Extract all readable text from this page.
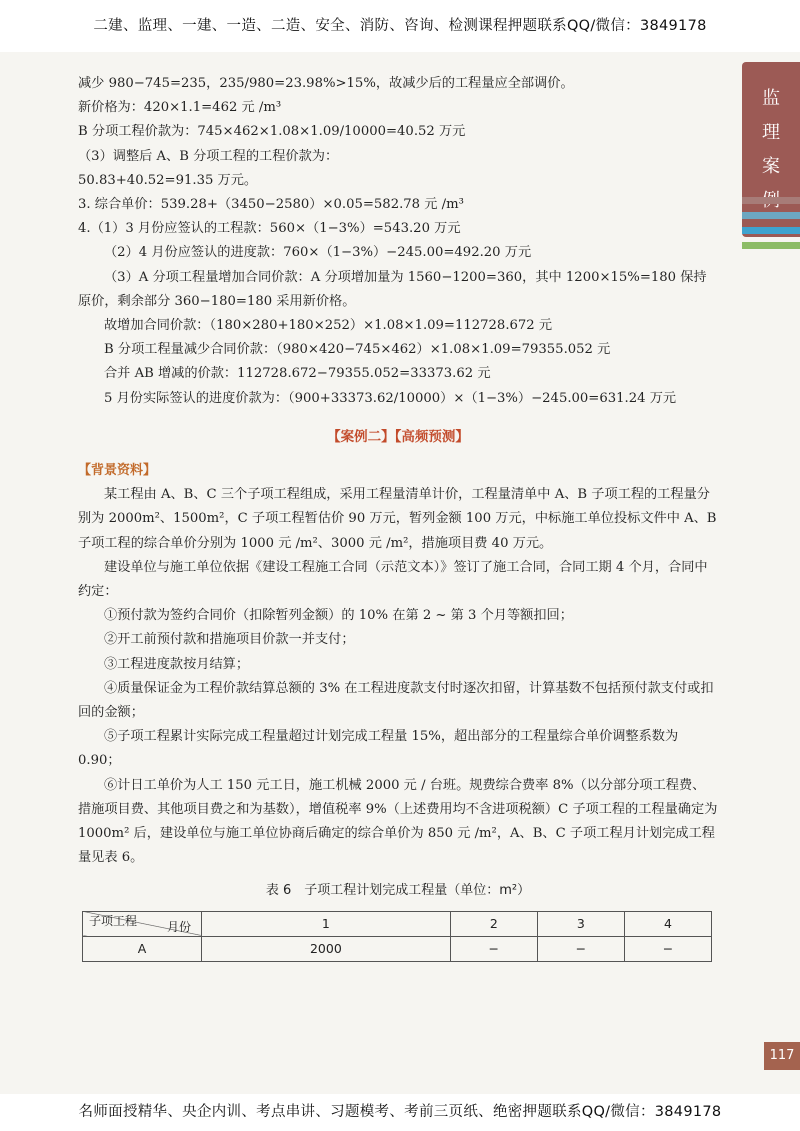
二建、监理、一建、一造、二造、安全、消防、咨询、检测课程押题联系QQ/微信：3849178
监
理
案
117

减少 980−745=235，235/980=23.98%>15%，故减少后的工程量应全部调价。

新价格为：420×1.1=462 元 /m³

B 分项工程价款为：745×462×1.08×1.09/10000=40.52 万元

（3）调整后 A、B 分项工程的工程价款为：

50.83+40.52=91.35 万元。

3. 综合单价：539.28+（3450−2580）×0.05=582.78 元 /m³

4.（1）3 月份应签认的工程款：560×（1−3%）=543.20 万元

（2）4 月份应签认的进度款：760×（1−3%）−245.00=492.20 万元

（3）A 分项工程量增加合同价款：A 分项增加量为 1560−1200=360，其中 1200×15%=180 保持原价，剩余部分 360−180=180 采用新价格。

故增加合同价款：（180×280+180×252）×1.08×1.09=112728.672 元

B 分项工程量减少合同价款：（980×420−745×462）×1.08×1.09=79355.052 元

合并 AB 增减的价款：112728.672−79355.052=33373.62 元

5 月份实际签认的进度价款为：（900+33373.62/10000）×（1−3%）−245.00=631.24 万元

【案例二】【高频预测】

【背景资料】

某工程由 A、B、C 三个子项工程组成，采用工程量清单计价，工程量清单中 A、B 子项工程的工程量分别为 2000m²、1500m²，C 子项工程暂估价 90 万元，暂列金额 100 万元，中标施工单位投标文件中 A、B 子项工程的综合单价分别为 1000 元 /m²、3000 元 /m²，措施项目费 40 万元。

建设单位与施工单位依据《建设工程施工合同（示范文本）》签订了施工合同，合同工期 4 个月，合同中约定：

①预付款为签约合同价（扣除暂列金额）的 10% 在第 2 ~ 第 3 个月等额扣回；

②开工前预付款和措施项目价款一并支付；

③工程进度款按月结算；

④质量保证金为工程价款结算总额的 3% 在工程进度款支付时逐次扣留，计算基数不包括预付款支付或扣回的金额；

⑤子项工程累计实际完成工程量超过计划完成工程量 15%，超出部分的工程量综合单价调整系数为 0.90；

⑥计日工单价为人工 150 元工日，施工机械 2000 元 / 台班。规费综合费率 8%（以分部分项工程费、措施项目费、其他项目费之和为基数），增值税率 9%（上述费用均不含进项税额）C 子项工程的工程量确定为 1000m² 后，建设单位与施工单位协商后确定的综合单价为 850 元 /m²，A、B、C 子项工程月计划完成工程量见表 6。

表 6　子项工程计划完成工程量（单位：m²）
月份
子项工程	1	2	3	4
A	2000	−	−	−
名师面授精华、央企内训、考点串讲、习题模考、考前三页纸、绝密押题联系QQ/微信：3849178
